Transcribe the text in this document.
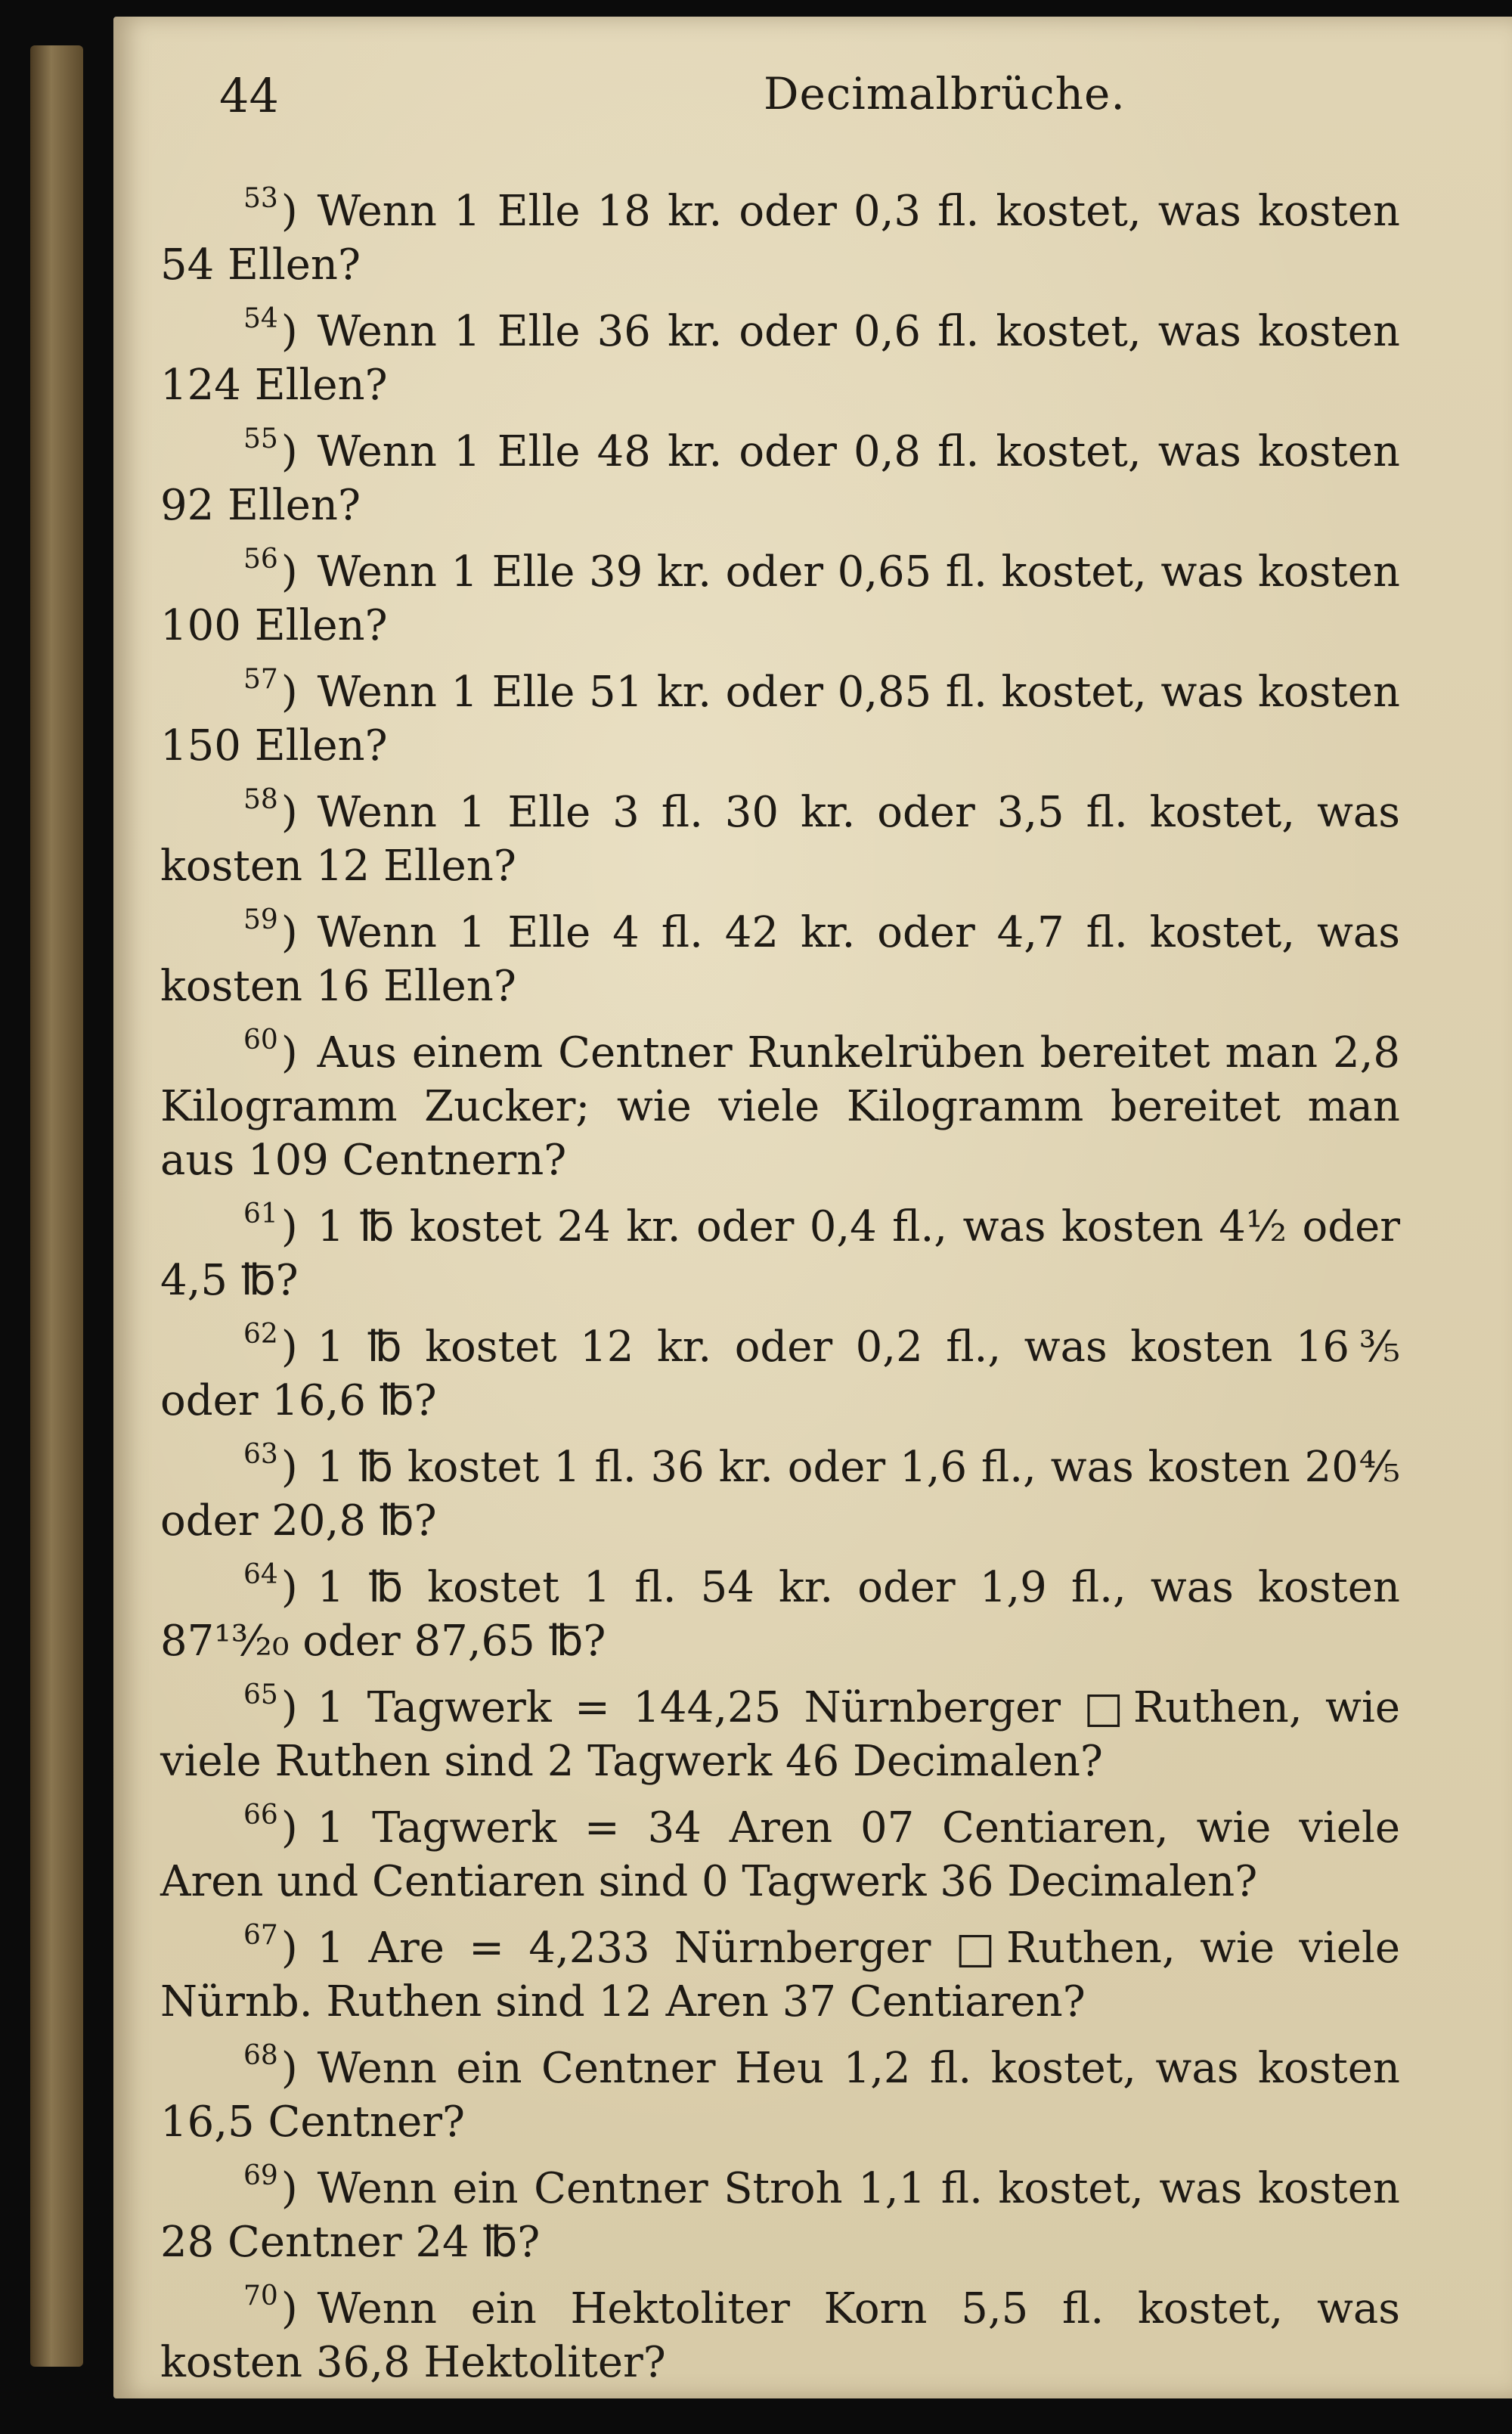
44	Decimalbrüche.

$^{53}$) Wenn 1 Elle 18 kr. oder 0,3 fl. kostet, was kosten 54 Ellen?

$^{54}$) Wenn 1 Elle 36 kr. oder 0,6 fl. kostet, was kosten 124 Ellen?

$^{55}$) Wenn 1 Elle 48 kr. oder 0,8 fl. kostet, was kosten 92 Ellen?

$^{56}$) Wenn 1 Elle 39 kr. oder 0,65 fl. kostet, was kosten 100 Ellen?

$^{57}$) Wenn 1 Elle 51 kr. oder 0,85 fl. kostet, was kosten 150 Ellen?

$^{58}$) Wenn 1 Elle 3 fl. 30 kr. oder 3,5 fl. kostet, was kosten 12 Ellen?

$^{59}$) Wenn 1 Elle 4 fl. 42 kr. oder 4,7 fl. kostet, was kosten 16 Ellen?

$^{60}$) Aus einem Centner Runkelrüben bereitet man 2,8 Kilogramm Zucker; wie viele Kilogramm bereitet man aus 109 Centnern?

$^{61}$) 1 ℔ kostet 24 kr. oder 0,4 fl., was kosten 4½ oder 4,5 ℔?

$^{62}$) 1 ℔ kostet 12 kr. oder 0,2 fl., was kosten 16⅗ oder 16,6 ℔?

$^{63}$) 1 ℔ kostet 1 fl. 36 kr. oder 1,6 fl., was kosten 20⅘ oder 20,8 ℔?

$^{64}$) 1 ℔ kostet 1 fl. 54 kr. oder 1,9 fl., was kosten 87¹³⁄₂₀ oder 87,65 ℔?

$^{65}$) 1 Tagwerk = 144,25 Nürnberger □Ruthen, wie viele Ruthen sind 2 Tagwerk 46 Decimalen?

$^{66}$) 1 Tagwerk = 34 Aren 07 Centiaren, wie viele Aren und Centiaren sind 0 Tagwerk 36 Decimalen?

$^{67}$) 1 Are = 4,233 Nürnberger □Ruthen, wie viele Nürnb. Ruthen sind 12 Aren 37 Centiaren?

$^{68}$) Wenn ein Centner Heu 1,2 fl. kostet, was kosten 16,5 Centner?

$^{69}$) Wenn ein Centner Stroh 1,1 fl. kostet, was kosten 28 Centner 24 ℔?

$^{70}$) Wenn ein Hektoliter Korn 5,5 fl. kostet, was kosten 36,8 Hektoliter?
